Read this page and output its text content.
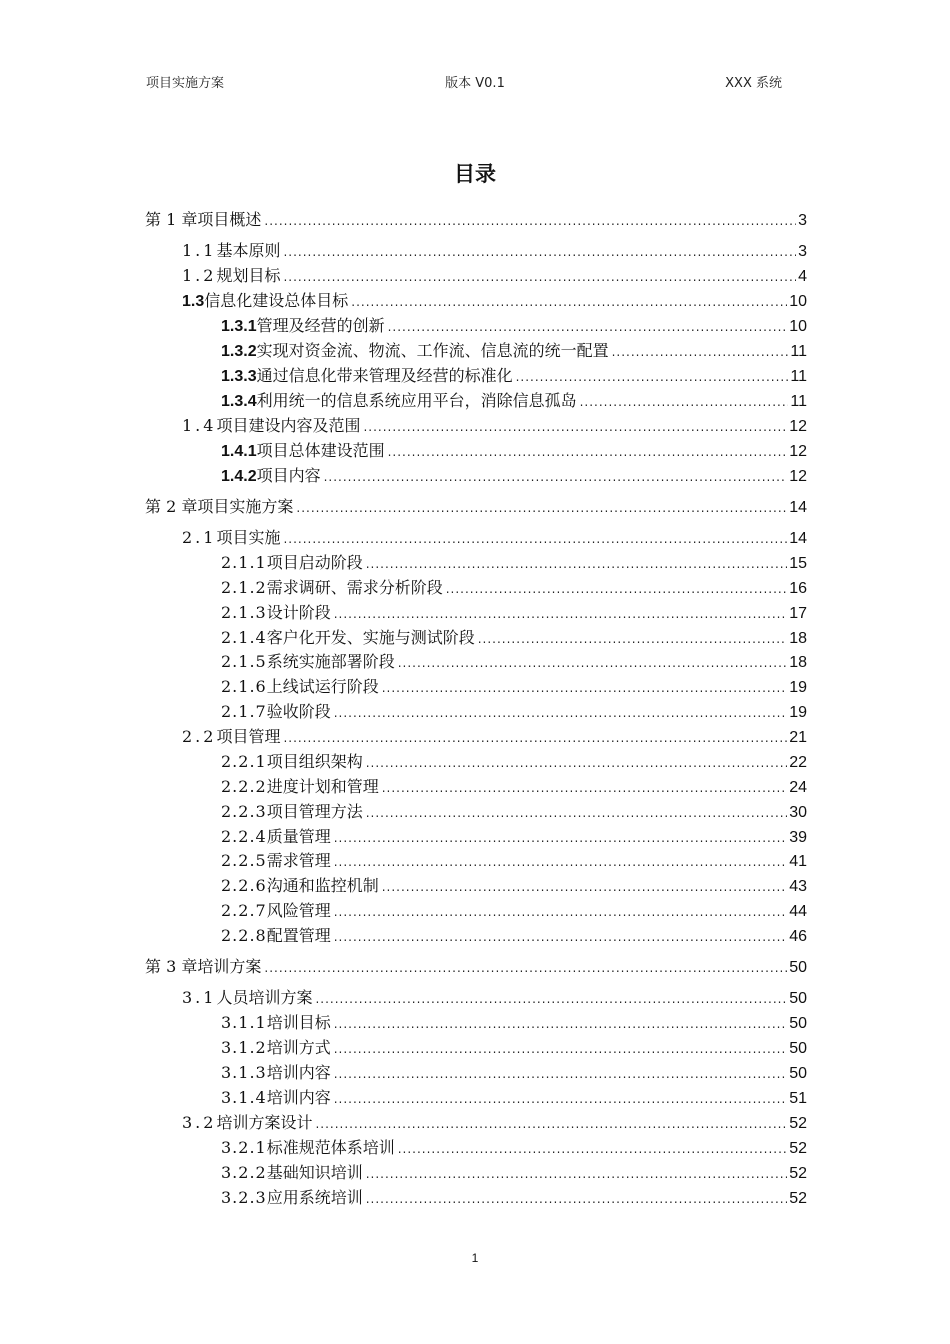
项目实施方案	版本 V0.1	XXX 系统
目录
第 1 章 项目概述 .....	3
1.1 基本原则 .....	3
1.2 规划目标 .....	4
1.3 信息化建设总体目标 .....	10
1.3.1 管理及经营的创新 .....	10
1.3.2 实现对资金流、物流、工作流、信息流的统一配置 .....	11
1.3.3 通过信息化带来管理及经营的标准化 .....	11
1.3.4 利用统一的信息系统应用平台，消除信息孤岛 .....	11
1.4 项目建设内容及范围 .....	12
1.4.1 项目总体建设范围 .....	12
1.4.2 项目内容 .....	12
第 2 章 项目实施方案 .....	14
2.1 项目实施 .....	14
2.1.1 项目启动阶段 .....	15
2.1.2 需求调研、需求分析阶段 .....	16
2.1.3 设计阶段 .....	17
2.1.4 客户化开发、实施与测试阶段 .....	18
2.1.5 系统实施部署阶段 .....	18
2.1.6 上线试运行阶段 .....	19
2.1.7 验收阶段 .....	19
2.2 项目管理 .....	21
2.2.1 项目组织架构 .....	22
2.2.2 进度计划和管理 .....	24
2.2.3 项目管理方法 .....	30
2.2.4 质量管理 .....	39
2.2.5 需求管理 .....	41
2.2.6 沟通和监控机制 .....	43
2.2.7 风险管理 .....	44
2.2.8 配置管理 .....	46
第 3 章 培训方案 .....	50
3.1 人员培训方案 .....	50
3.1.1 培训目标 .....	50
3.1.2 培训方式 .....	50
3.1.3 培训内容 .....	50
3.1.4 培训内容 .....	51
3.2 培训方案设计 .....	52
3.2.1 标准规范体系培训 .....	52
3.2.2 基础知识培训 .....	52
3.2.3 应用系统培训 .....	52
1
